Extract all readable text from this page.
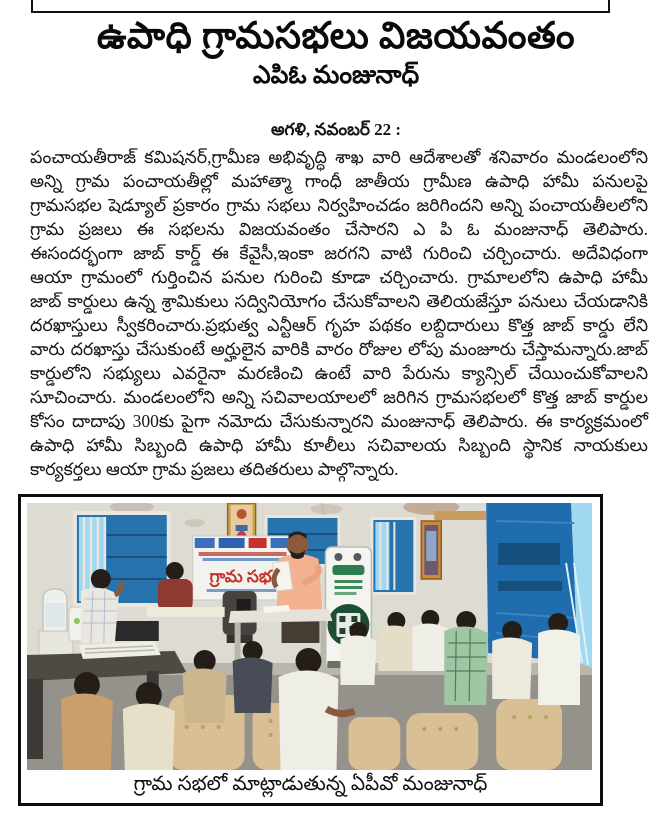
ఉపాధి గ్రామసభలు విజయవంతం
ఎపిఓ మంజునాధ్
అగళి, నవంబర్ 22 :
పంచాయతీరాజ్ కమిషనర్,గ్రామీణ అభివృద్ధి శాఖ వారి ఆదేశాలతో శనివారం మండలంలోని
అన్ని గ్రామ పంచాయతీల్లో మహాత్మా గాంధీ జాతీయ గ్రామీణ ఉపాధి హామీ పనులపై
గ్రామసభల షెడ్యూల్ ప్రకారం గ్రామ సభలు నిర్వహించడం జరిగిందని అన్ని పంచాయతీలలోని
గ్రామ ప్రజలు ఈ సభలను విజయవంతం చేసారని ఎ పి ఓ మంజునాధ్ తెలిపారు.
ఈసందర్భంగా జాబ్ కార్డ్ ఈ కేవైసీ,ఇంకా జరగని వాటి గురించి చర్చించారు. అదేవిధంగా
ఆయా గ్రామంలో గుర్తించిన పనుల గురించి కూడా చర్చించారు. గ్రామాలలోని ఉపాధి హామీ
జాబ్ కార్డులు ఉన్న శ్రామికులు సద్వినియోగం చేసుకోవాలని తెలియజేస్తూ పనులు చేయడానికి
దరఖాస్తులు స్వీకరించారు.ప్రభుత్వ ఎన్టీఆర్ గృహ పథకం లబ్దిదారులు కొత్త జాబ్ కార్డు లేని
వారు దరఖాస్తు చేసుకుంటే అర్హులైన వారికి వారం రోజుల లోపు మంజూరు చేస్తామన్నారు.జాబ్
కార్డులోని సభ్యులు ఎవరైనా మరణించి ఉంటే వారి పేరును క్యాన్సిల్ చేయించుకోవాలని
సూచించారు. మండలంలోని అన్ని సచివాలయాలలో జరిగిన గ్రామసభలలో కొత్త జాబ్ కార్డుల
కోసం దాదాపు 300కు పైగా నమోదు చేసుకున్నారని మంజునాధ్ తెలిపారు. ఈ కార్యక్రమంలో
ఉపాధి హామీ సిబ్బంది ఉపాధి హామీ కూలీలు సచివాలయ సిబ్బంది స్థానిక నాయకులు
కార్యకర్తలు ఆయా గ్రామ ప్రజలు తదితరులు పాల్గొన్నారు.
గ్రామ సభ
గ్రామ సభలో మాట్లాడుతున్న ఏపీవో మంజునాధ్
